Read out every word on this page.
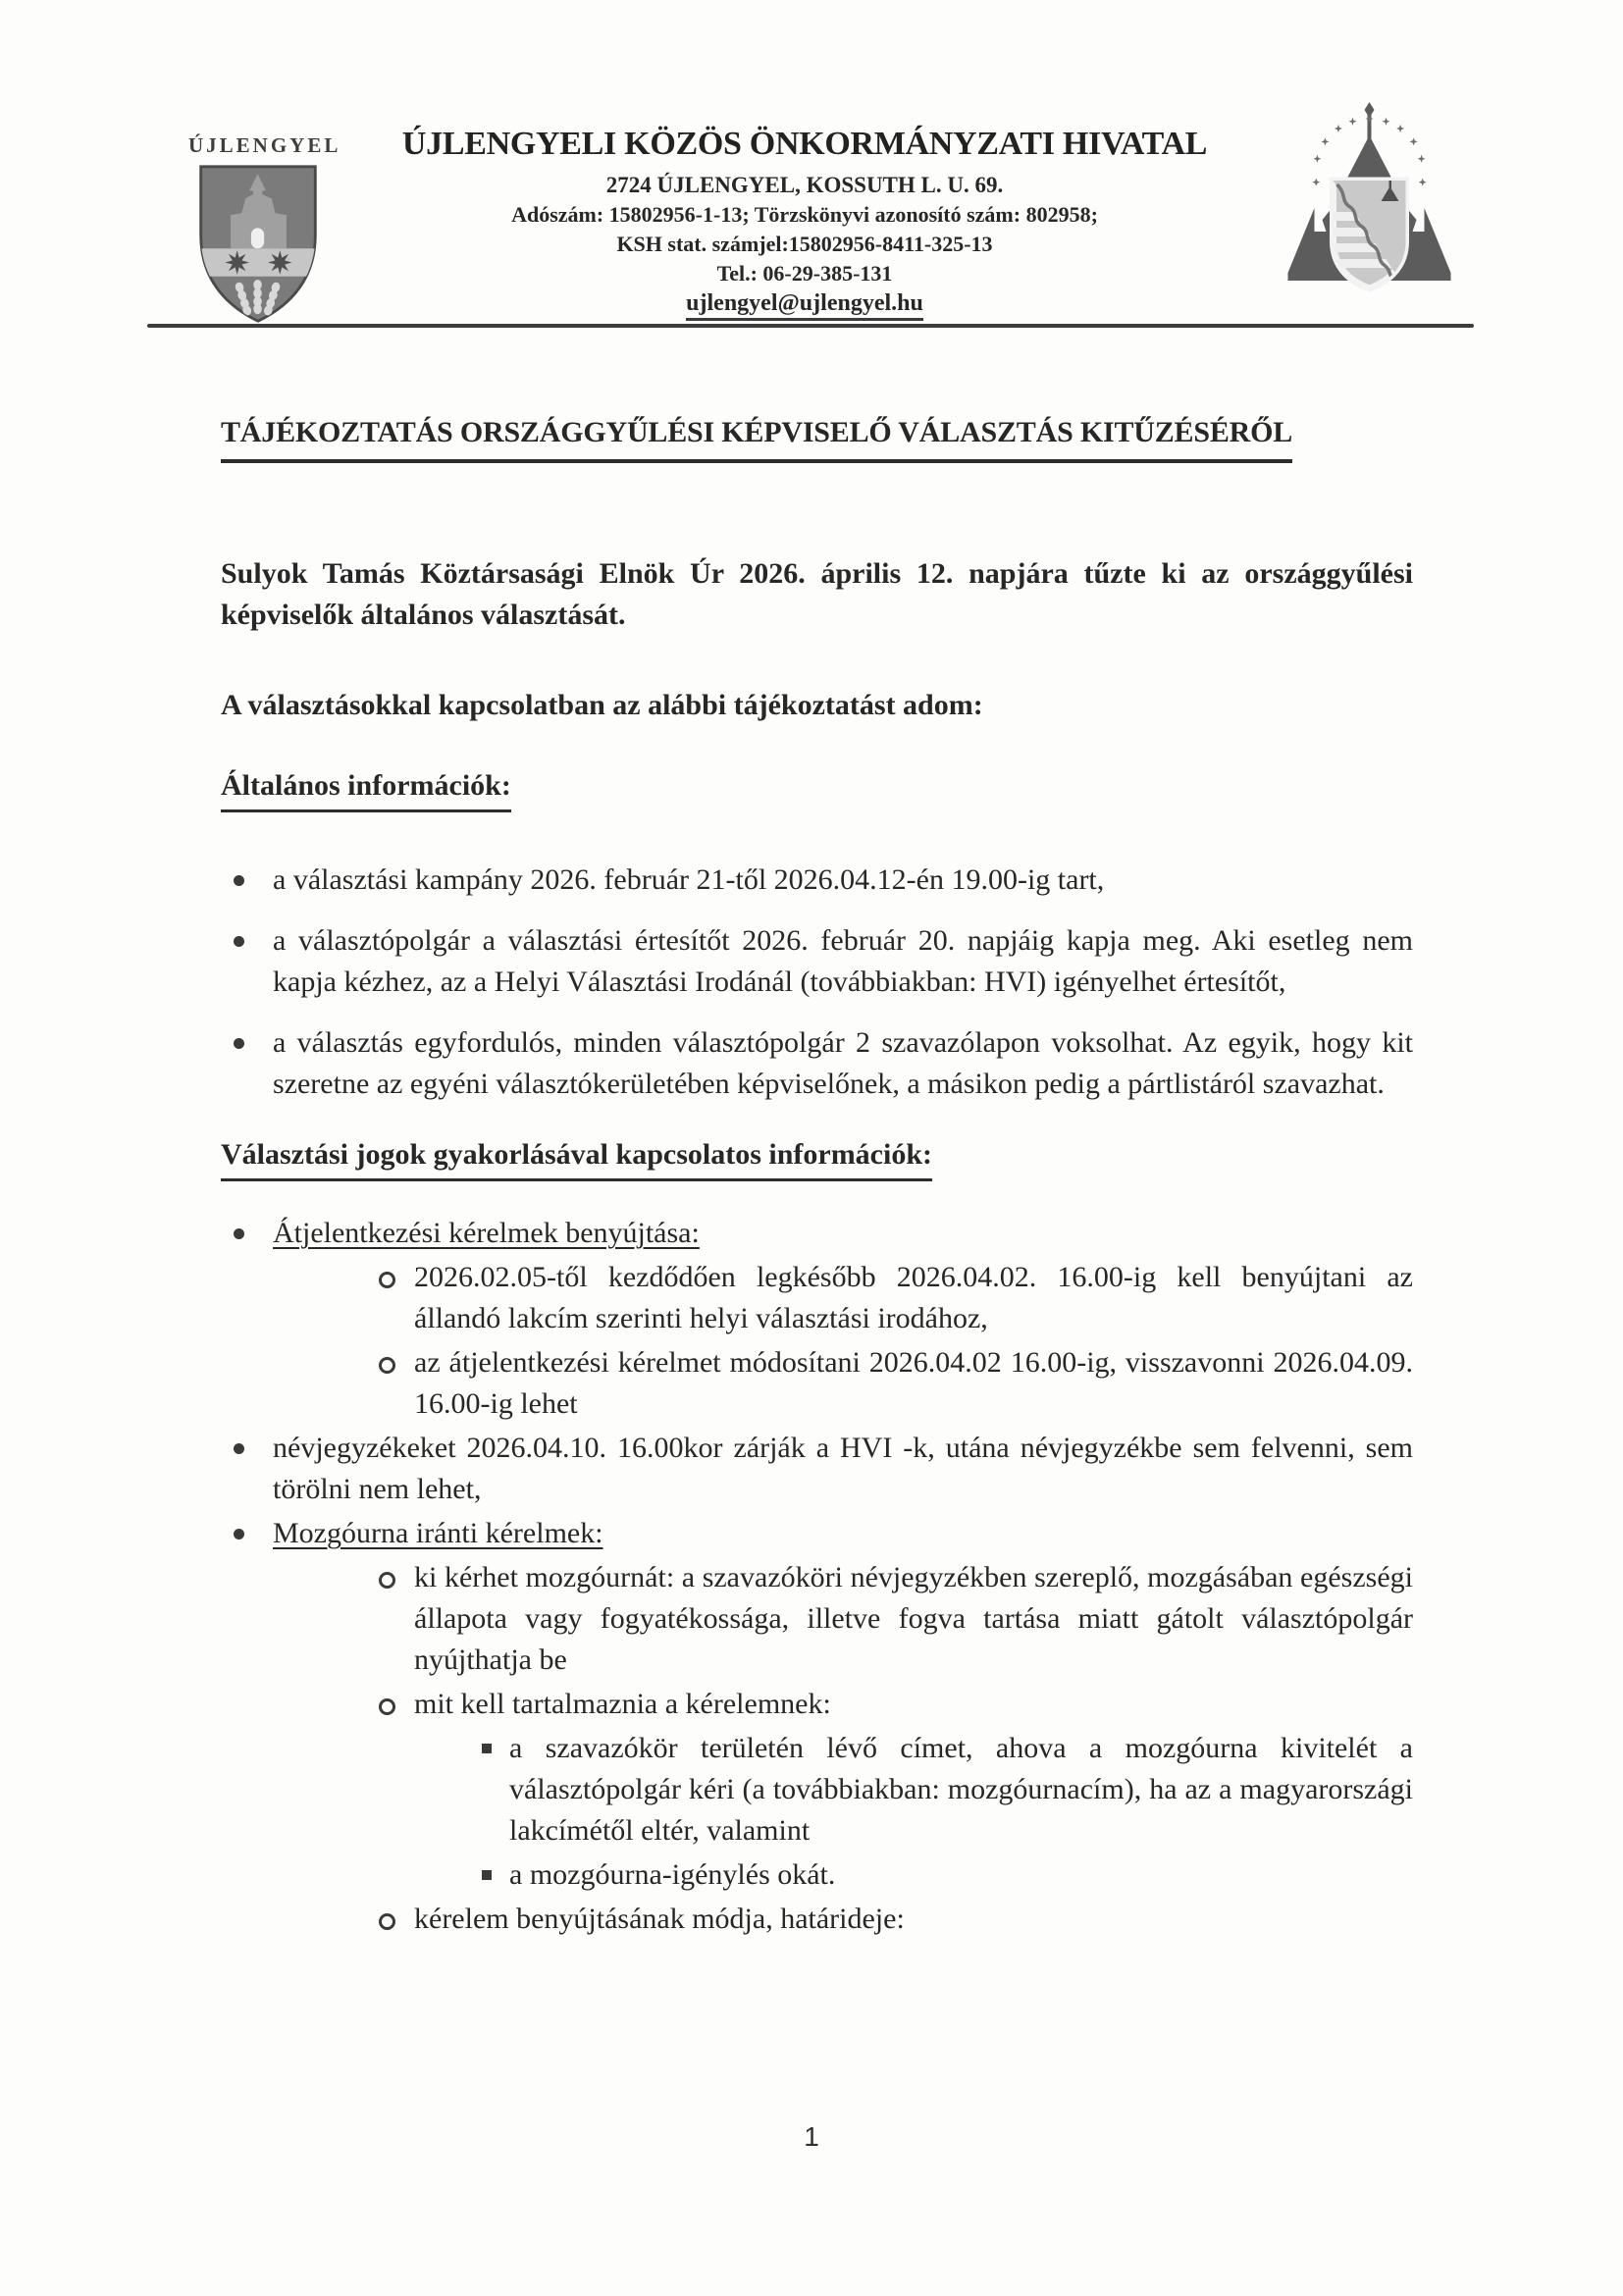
ÚJLENGYEL	ÚJLENGYELI KÖZÖS ÖNKORMÁNYZATI HIVATAL
2724 ÚJLENGYEL, KOSSUTH L. U. 69.
Adószám: 15802956-1-13; Törzskönyvi azonosító szám: 802958;
KSH stat. számjel:15802956-8411-325-13
Tel.: 06-29-385-131
ujlengyel@ujlengyel.hu
TÁJÉKOZTATÁS ORSZÁGGYŰLÉSI KÉPVISELŐ VÁLASZTÁS KITŰZÉSÉRŐL

Sulyok Tamás Köztársasági Elnök Úr 2026. április 12. napjára tűzte ki az országgyűlési képviselők általános választását.

A választásokkal kapcsolatban az alábbi tájékoztatást adom:

Általános információk:
a választási kampány 2026. február 21-től 2026.04.12-én 19.00-ig tart,
a választópolgár a választási értesítőt 2026. február 20. napjáig kapja meg. Aki esetleg nem kapja kézhez, az a Helyi Választási Irodánál (továbbiakban: HVI) igényelhet értesítőt,
a választás egyfordulós, minden választópolgár 2 szavazólapon voksolhat. Az egyik, hogy kit szeretne az egyéni választókerületében képviselőnek, a másikon pedig a pártlistáról szavazhat.
Választási jogok gyakorlásával kapcsolatos információk:
Átjelentkezési kérelmek benyújtása:
2026.02.05-től kezdődően legkésőbb 2026.04.02. 16.00-ig kell benyújtani az állandó lakcím szerinti helyi választási irodához,
az átjelentkezési kérelmet módosítani 2026.04.02 16.00-ig, visszavonni 2026.04.09. 16.00-ig lehet
névjegyzékeket 2026.04.10. 16.00kor zárják a HVI -k, utána névjegyzékbe sem felvenni, sem törölni nem lehet,
Mozgóurna iránti kérelmek:
ki kérhet mozgóurnát: a szavazóköri névjegyzékben szereplő, mozgásában egészségi állapota vagy fogyatékossága, illetve fogva tartása miatt gátolt választópolgár nyújthatja be
mit kell tartalmaznia a kérelemnek:
a szavazókör területén lévő címet, ahova a mozgóurna kivitelét a választópolgár kéri (a továbbiakban: mozgóurnacím), ha az a magyarországi lakcímétől eltér, valamint
a mozgóurna-igénylés okát.
kérelem benyújtásának módja, határideje:
1
